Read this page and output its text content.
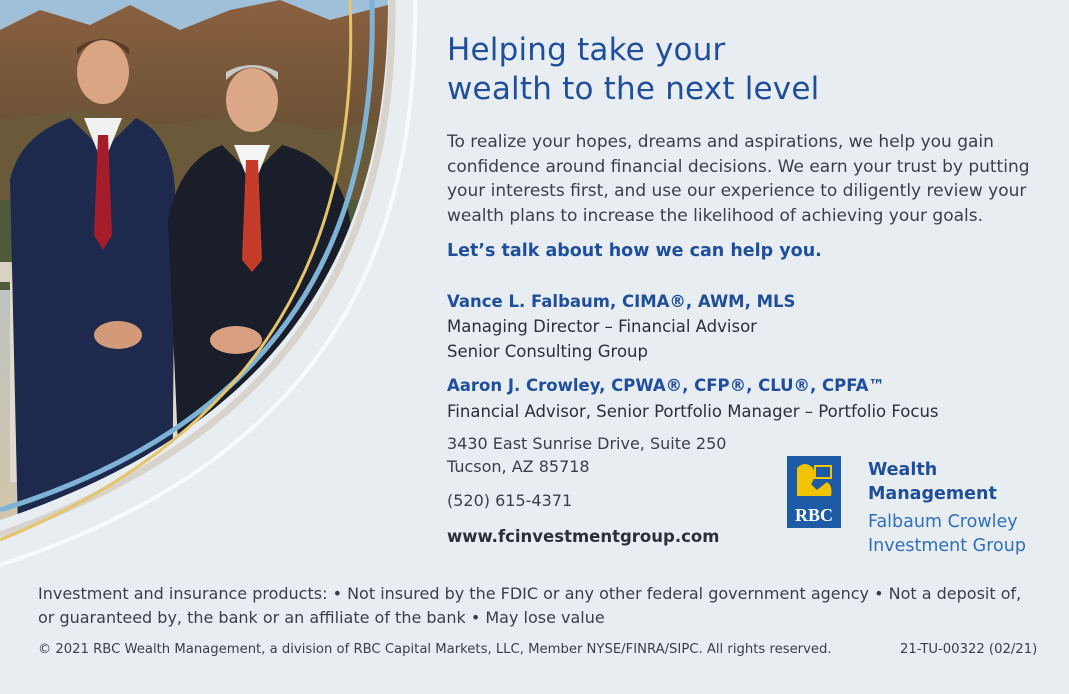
Helping take your
wealth to the next level
To realize your hopes, dreams and aspirations, we help you gain
confidence around financial decisions. We earn your trust by putting
your interests first, and use our experience to diligently review your
wealth plans to increase the likelihood of achieving your goals.
Let’s talk about how we can help you.
Vance L. Falbaum, CIMA®, AWM, MLS
Managing Director – Financial Advisor
Senior Consulting Group
Aaron J. Crowley, CPWA®, CFP®, CLU®, CPFA™
Financial Advisor, Senior Portfolio Manager – Portfolio Focus
3430 East Sunrise Drive, Suite 250
Tucson, AZ 85718
(520) 615-4371
www.fcinvestmentgroup.com
RBC
Wealth
Management
Falbaum Crowley
Investment Group
Investment and insurance products: • Not insured by the FDIC or any other federal government agency • Not a deposit of,
or guaranteed by, the bank or an affiliate of the bank • May lose value
© 2021 RBC Wealth Management, a division of RBC Capital Markets, LLC, Member NYSE/FINRA/SIPC. All rights reserved.	21-TU-00322 (02/21)
